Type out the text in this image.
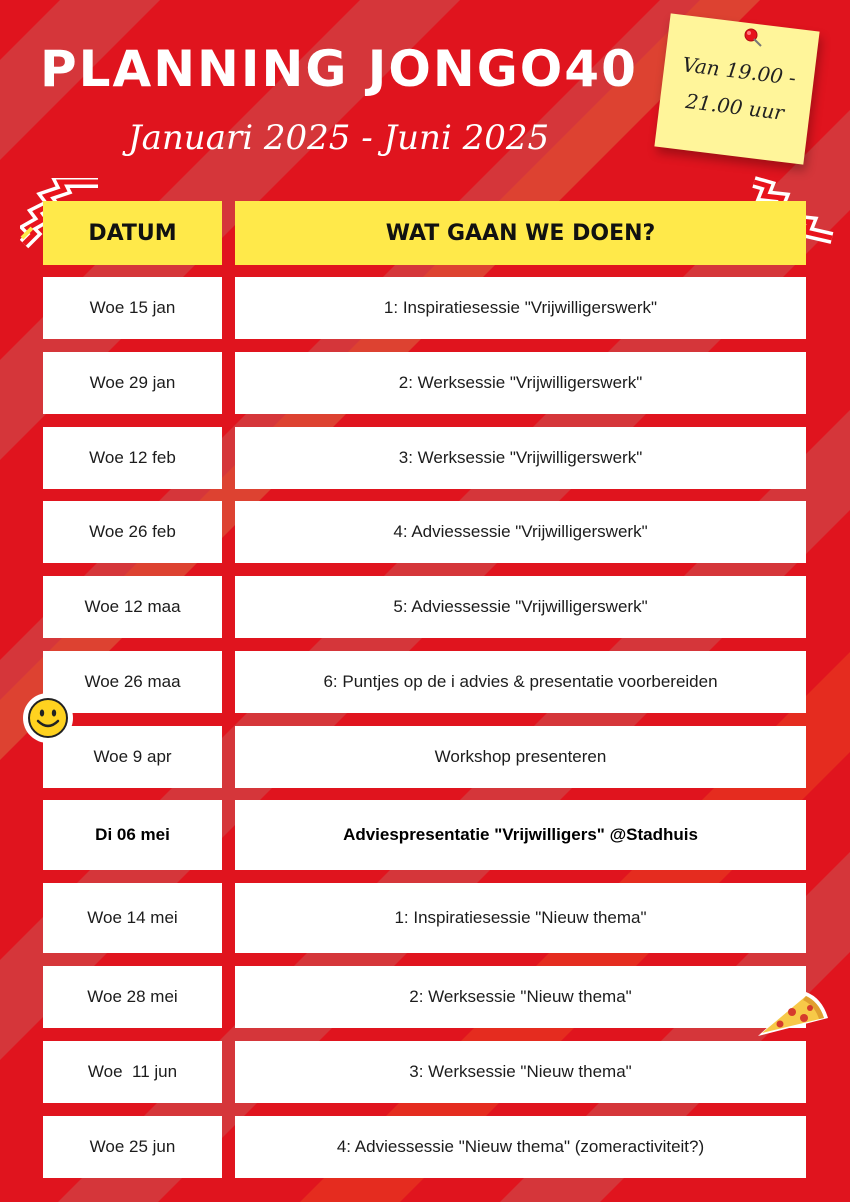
PLANNING JONGO40
Januari 2025 - Juni 2025
Van 19.00 -
21.00 uur
DATUM	WAT GAAN WE DOEN?
Woe 15 jan	1: Inspiratiesessie "Vrijwilligerswerk"
Woe 29 jan	2: Werksessie "Vrijwilligerswerk"
Woe 12 feb	3: Werksessie "Vrijwilligerswerk"
Woe 26 feb	4: Adviessessie "Vrijwilligerswerk"
Woe 12 maa	5: Adviessessie "Vrijwilligerswerk"
Woe 26 maa	6: Puntjes op de i advies & presentatie voorbereiden
Woe 9 apr	Workshop presenteren
Di 06 mei	Adviespresentatie "Vrijwilligers" @Stadhuis
Woe 14 mei	1: Inspiratiesessie "Nieuw thema"
Woe 28 mei	2: Werksessie "Nieuw thema"
Woe  11 jun	3: Werksessie "Nieuw thema"
Woe 25 jun	4: Adviessessie "Nieuw thema" (zomeractiviteit?)
